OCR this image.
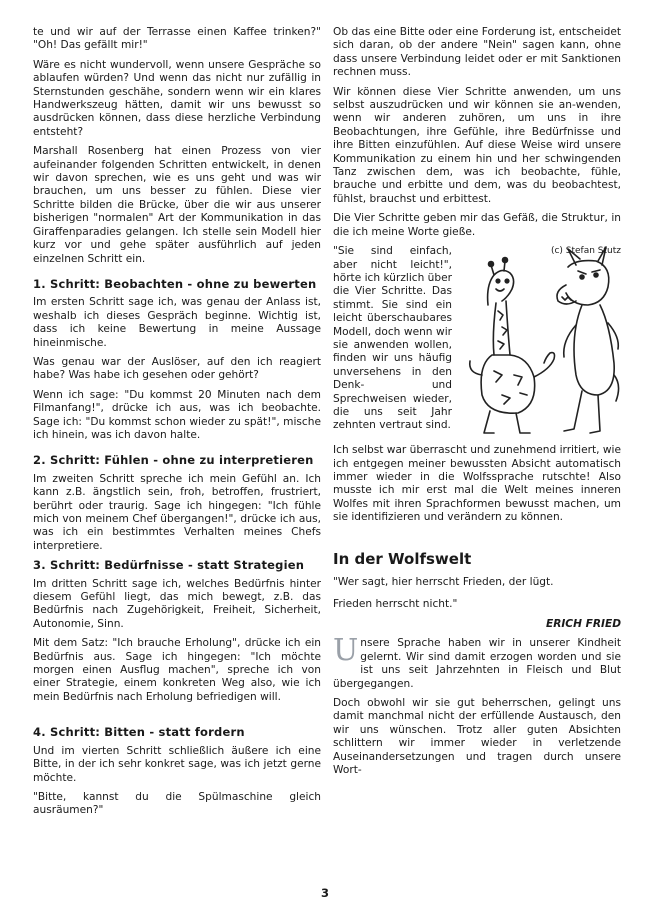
te und wir auf der Terrasse einen Kaffee trinken?" "Oh! Das gefällt mir!"

Wäre es nicht wundervoll, wenn unsere Gespräche so ablaufen würden? Und wenn das nicht nur zufällig in Sternstunden geschähe, sondern wenn wir ein klares Handwerkszeug hätten, damit wir uns bewusst so ausdrücken können, dass diese herzliche Verbindung entsteht?

Marshall Rosenberg hat einen Prozess von vier aufeinander folgenden Schritten entwickelt, in denen wir davon sprechen, wie es uns geht und was wir brauchen, um uns besser zu fühlen. Diese vier Schritte bilden die Brücke, über die wir aus unserer bisherigen "normalen" Art der Kommunikation in das Giraffenparadies gelangen. Ich stelle sein Modell hier kurz vor und gehe später ausführlich auf jeden einzelnen Schritt ein.

1. Schritt: Beobachten - ohne zu bewerten

Im ersten Schritt sage ich, was genau der Anlass ist, weshalb ich dieses Gespräch beginne. Wichtig ist, dass ich keine Bewertung in meine Aussage hineinmische.

Was genau war der Auslöser, auf den ich reagiert habe? Was habe ich gesehen oder gehört?

Wenn ich sage: "Du kommst 20 Minuten nach dem Filmanfang!", drücke ich aus, was ich beobachte. Sage ich: "Du kommst schon wieder zu spät!", mische ich hinein, was ich davon halte.

2. Schritt: Fühlen - ohne zu interpretieren

Im zweiten Schritt spreche ich mein Gefühl an. Ich kann z.B. ängstlich sein, froh, betroffen, frustriert, berührt oder traurig. Sage ich hingegen: "Ich fühle mich von meinem Chef übergangen!", drücke ich aus, was ich ein bestimmtes Verhalten meines Chefs interpretiere.

3. Schritt: Bedürfnisse - statt Strategien

Im dritten Schritt sage ich, welches Bedürfnis hinter diesem Gefühl liegt, das mich bewegt, z.B. das Bedürfnis nach Zugehörigkeit, Freiheit, Sicherheit, Autonomie, Sinn.

Mit dem Satz: "Ich brauche Erholung", drücke ich ein Bedürfnis aus. Sage ich hingegen: "Ich möchte morgen einen Ausflug machen", spreche ich von einer Strategie, einem konkreten Weg also, wie ich mein Bedürfnis nach Erholung befriedigen will.

4. Schritt: Bitten - statt fordern

Und im vierten Schritt schließlich äußere ich eine Bitte, in der ich sehr konkret sage, was ich jetzt gerne möchte.

"Bitte, kannst du die Spülmaschine gleich ausräumen?"

Ob das eine Bitte oder eine Forderung ist, entscheidet sich daran, ob der andere "Nein" sagen kann, ohne dass unsere Verbindung leidet oder er mit Sanktionen rechnen muss.

Wir können diese Vier Schritte anwenden, um uns selbst auszudrücken und wir können sie an-wenden, wenn wir anderen zuhören, um uns in ihre Beobachtungen, ihre Gefühle, ihre Bedürfnisse und ihre Bitten einzufühlen. Auf diese Weise wird unsere Kommunikation zu einem hin und her schwingenden Tanz zwischen dem, was ich beobachte, fühle, brauche und erbitte und dem, was du beobachtest, fühlst, brauchst und erbittest.

Die Vier Schritte geben mir das Gefäß, die Struktur, in die ich meine Worte gieße.

(c) Stefan Stutz

"Sie sind einfach, aber nicht leicht!", hörte ich kürzlich über die Vier Schritte. Das stimmt. Sie sind ein leicht überschaubares Modell, doch wenn wir sie anwenden wollen, finden wir uns häufig unversehens in den Denk- und Sprechweisen wieder, die uns seit Jahr zehnten vertraut sind.

Ich selbst war überrascht und zunehmend irritiert, wie ich entgegen meiner bewussten Absicht automatisch immer wieder in die Wolfssprache rutschte! Also musste ich mir erst mal die Welt meines inneren Wolfes mit ihren Sprachformen bewusst machen, um sie identifizieren und verändern zu können.

In der Wolfswelt

"Wer sagt, hier herrscht Frieden, der lügt.

Frieden herrscht nicht."

ERICH FRIED

Unsere Sprache haben wir in unserer Kindheit gelernt. Wir sind damit erzogen worden und sie ist uns seit Jahrzehnten in Fleisch und Blut übergegangen.

Doch obwohl wir sie gut beherrschen, gelingt uns damit manchmal nicht der erfüllende Austausch, den wir uns wünschen. Trotz aller guten Absichten schlittern wir immer wieder in verletzende Auseinandersetzungen und tragen durch unsere Wort-

3
